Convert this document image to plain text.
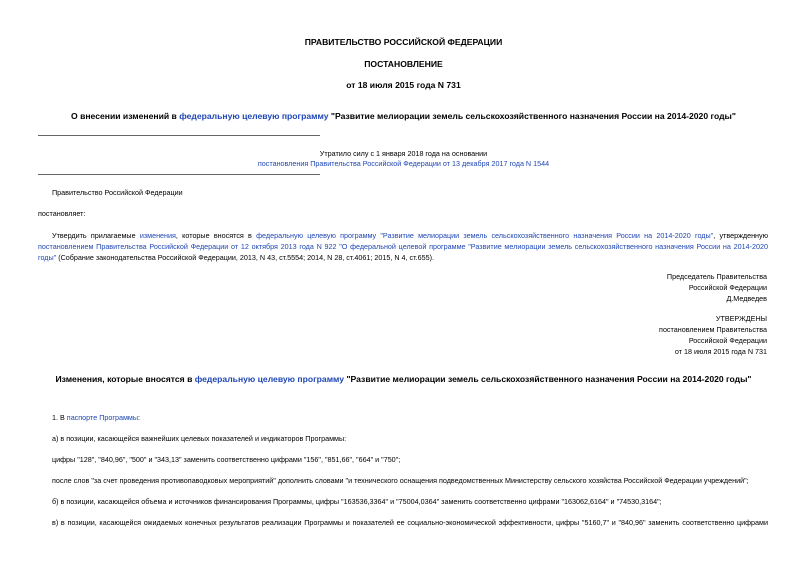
ПРАВИТЕЛЬСТВО РОССИЙСКОЙ ФЕДЕРАЦИИ
ПОСТАНОВЛЕНИЕ
от 18 июля 2015 года N 731
О внесении изменений в федеральную целевую программу "Развитие мелиорации земель сельскохозяйственного назначения России на 2014-2020 годы"
Утратило силу с 1 января 2018 года на основании
постановления Правительства Российской Федерации от 13 декабря 2017 года N 1544
Правительство Российской Федерации
постановляет:
Утвердить прилагаемые изменения, которые вносятся в федеральную целевую программу "Развитие мелиорации земель сельскохозяйственного назначения России на 2014-2020 годы", утвержденную постановлением Правительства Российской Федерации от 12 октября 2013 года N 922 "О федеральной целевой программе "Развитие мелиорации земель сельскохозяйственного назначения России на 2014-2020 годы" (Собрание законодательства Российской Федерации, 2013, N 43, ст.5554; 2014, N 28, ст.4061; 2015, N 4, ст.655).
Председатель Правительства
Российской Федерации
Д.Медведев
УТВЕРЖДЕНЫ
постановлением Правительства
Российской Федерации
от 18 июля 2015 года N 731
Изменения, которые вносятся в федеральную целевую программу "Развитие мелиорации земель сельскохозяйственного назначения России на 2014-2020 годы"
1. В паспорте Программы:
а) в позиции, касающейся важнейших целевых показателей и индикаторов Программы:
цифры "128", "840,96", "500" и "343,13" заменить соответственно цифрами "156", "851,66", "664" и "750";
после слов "за счет проведения противопаводковых мероприятий" дополнить словами "и технического оснащения подведомственных Министерству сельского хозяйства Российской Федерации учреждений";
б) в позиции, касающейся объема и источников финансирования Программы, цифры "163536,3364" и "75004,0364" заменить соответственно цифрами "163062,6164" и "74530,3164";
в) в позиции, касающейся ожидаемых конечных результатов реализации Программы и показателей ее социально-экономической эффективности, цифры "5160,7" и "840,96" заменить соответственно цифрами
